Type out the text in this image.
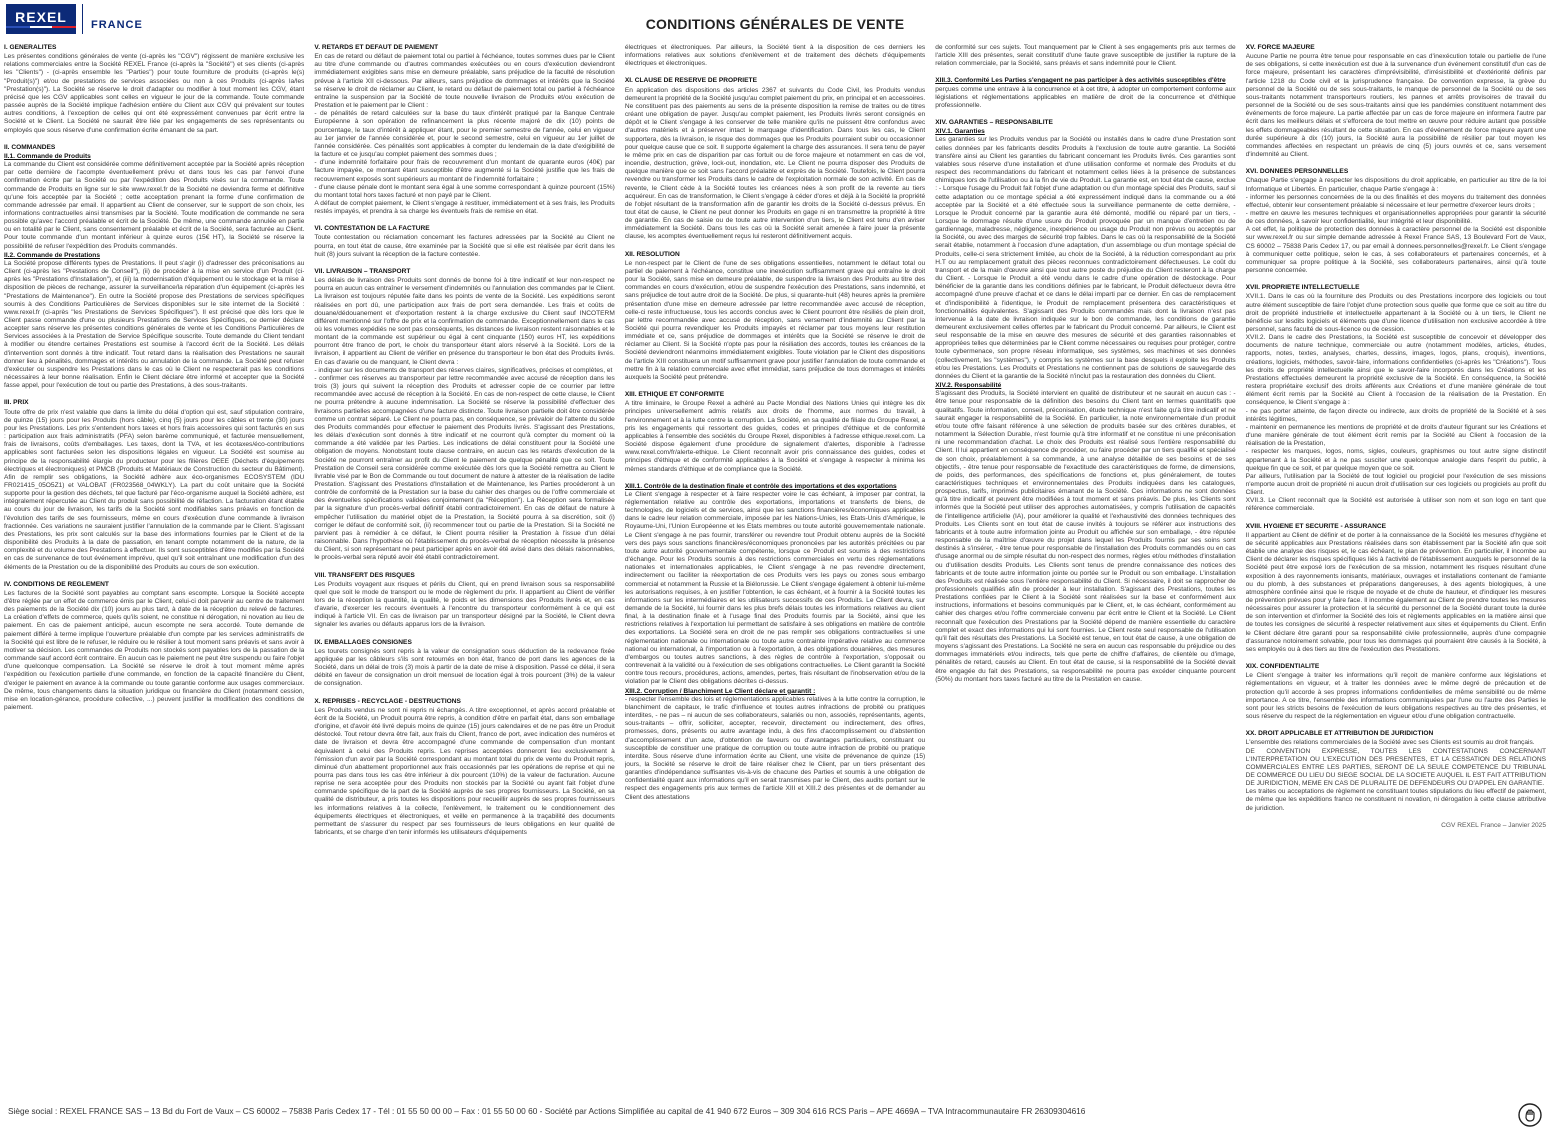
REXEL	FRANCE	CONDITIONS GÉNÉRALES DE VENTE
I. GENERALITES

Les présentes conditions générales de vente (ci-après les "CGV") régissent de manière exclusive les relations commerciales entre la Société REXEL France (ci-après la "Société") et ses clients (ci-après les "Clients") - (ci-après ensemble les "Parties") pour toute fourniture de produits (ci-après le(s) "Produit(s)") et/ou de prestations de services associées ou non à ces Produits (ci-après la/les "Prestation(s)"). La Société se réserve le droit d'adapter ou modifier à tout moment les CGV, étant précisé que les CGV applicables sont celles en vigueur le jour de la commande. Toute commande passée auprès de la Société implique l'adhésion entière du Client aux CGV qui prévalent sur toutes autres conditions, à l'exception de celles qui ont été expressément convenues par écrit entre la Société et le Client. La Société ne saurait être liée par les engagements de ses représentants ou employés que sous réserve d'une confirmation écrite émanant de sa part.

II. COMMANDES
II.1. Commande de Produits

La commande du Client est considérée comme définitivement acceptée par la Société après réception par cette dernière de l'acompte éventuellement prévu et dans tous les cas par l'envoi d'une confirmation écrite par la Société ou par l'expédition des Produits visés sur la commande. Toute commande de Produits en ligne sur le site www.rexel.fr de la Société ne deviendra ferme et définitive qu'une fois acceptée par la Société ; cette acceptation prenant la forme d'une confirmation de commande adressée par email. Il appartient au Client de conserver, sur le support de son choix, les informations contractuelles ainsi transmises par la Société. Toute modification de commande ne sera possible qu'avec l'accord préalable et écrit de la Société. De même, une commande annulée en partie ou en totalité par le Client, sans consentement préalable et écrit de la Société, sera facturée au Client. Pour toute commande d'un montant inférieur à quinze euros (15€ HT), la Société se réserve la possibilité de refuser l'expédition des Produits commandés.

II.2. Commande de Prestations

La Société propose différents types de Prestations. Il peut s'agir (i) d'adresser des préconisations au Client (ci-après les "Prestations de Conseil"), (ii) de procéder à la mise en service d'un Produit (ci-après les "Prestations d'Installation"), et (iii) la modernisation d'équipement ou le stockage et la mise à disposition de pièces de rechange, assurer la surveillance/la réparation d'un équipement (ci-après les "Prestations de Maintenance"). En outre la Société propose des Prestations de services spécifiques soumis à des Conditions Particulières de Services disponibles sur le site internet de la Société : www.rexel.fr (ci-après "les Prestations de Services Spécifiques"). Il est précisé que dès lors que le Client passe commande d'une ou plusieurs Prestations de Services Spécifiques, ce dernier déclare accepter sans réserve les présentes conditions générales de vente et les Conditions Particulières de Services associées à la Prestation de Service Spécifique souscrite. Toute demande du Client tendant à modifier ou étendre certaines Prestations est soumise à l'accord écrit de la Société. Les délais d'intervention sont donnés à titre indicatif. Tout retard dans la réalisation des Prestations ne saurait donner lieu à pénalités, dommages et intérêts ou annulation de la commande. La Société peut refuser d'exécuter ou suspendre les Prestations dans le cas où le Client ne respecterait pas les conditions nécessaires à leur bonne réalisation. Enfin le Client déclare être informé et accepter que la Société fasse appel, pour l'exécution de tout ou partie des Prestations, à des sous-traitants.

III. PRIX

Toute offre de prix n'est valable que dans la limite du délai d'option qui est, sauf stipulation contraire, de quinze (15) jours pour les Produits (hors câble), cinq (5) jours pour les câbles et trente (30) jours pour les Prestations. Les prix s'entendent hors taxes et hors frais accessoires qui sont facturés en sus : participation aux frais administratifs (PFA) selon barème communiqué, et facturée mensuellement, frais de livraisons, coûts d'emballages. Les taxes, dont la TVA, et les écotaxes/éco-contributions applicables sont facturées selon les dispositions légales en vigueur. La Société est soumise au principe de la responsabilité élargie du producteur pour les filières DEEE (Déchets d'équipements électriques et électroniques) et PMCB (Produits et Matériaux de Construction du secteur du Bâtiment). Afin de remplir ses obligations, la Société adhère aux éco-organismes ECOSYSTEM (IDU FR021415_05O5Z1) et VALOBAT (FR023568_04WKLY). La part du coût unitaire que la Société supporte pour la gestion des déchets, tel que facturé par l'éco-organisme auquel la Société adhère, est intégralement répercutée au Client du produit sans possibilité de réfaction. La facturation étant établie au cours du jour de livraison, les tarifs de la Société sont modifiables sans préavis en fonction de l'évolution des tarifs de ses fournisseurs, même en cours d'exécution d'une commande à livraison fractionnée. Ces variations ne sauraient justifier l'annulation de la commande par le Client. S'agissant des Prestations, les prix sont calculés sur la base des informations fournies par le Client et de la disponibilité des Produits à la date de passation, en tenant compte notamment de la nature, de la complexité et du volume des Prestations à effectuer. Ils sont susceptibles d'être modifiés par la Société en cas de survenance de tout événement imprévu, quel qu'il soit entraînant une modification d'un des éléments de la Prestation ou de la disponibilité des Produits au cours de son exécution.

IV. CONDITIONS DE REGLEMENT

Les factures de la Société sont payables au comptant sans escompte. Lorsque la Société accepte d'être réglée par un effet de commerce émis par le Client, celui-ci doit parvenir au centre de traitement des paiements de la Société dix (10) jours au plus tard, à date de la réception du relevé de factures. La création d'effets de commerce, quels qu'ils soient, ne constitue ni dérogation, ni novation au lieu de paiement. En cas de paiement anticipé, aucun escompte ne sera accordé. Toute demande de paiement différé à terme implique l'ouverture préalable d'un compte par les services administratifs de la Société qui est libre de le refuser, le réduire ou le résilier à tout moment sans préavis et sans avoir à motiver sa décision. Les commandes de Produits non stockés sont payables lors de la passation de la commande sauf accord écrit contraire. En aucun cas le paiement ne peut être suspendu ou faire l'objet d'une quelconque compensation. La Société se réserve le droit à tout moment même après l'expédition ou l'exécution partielle d'une commande, en fonction de la capacité financière du Client, d'exiger le paiement en avance à la commande ou toute garantie conforme aux usages commerciaux. De même, tous changements dans la situation juridique ou financière du Client (notamment cession, mise en location-gérance, procédure collective, ...) peuvent justifier la modification des conditions de paiement.

V. RETARDS ET DEFAUT DE PAIEMENT

En cas de retard ou défaut de paiement total ou partiel à l'échéance, toutes sommes dues par le Client au titre d'une commande ou d'autres commandes exécutées ou en cours d'exécution deviendront immédiatement exigibles sans mise en demeure préalable, sans préjudice de la faculté de résolution prévue à l'article XII ci-dessous. Par ailleurs, sans préjudice de dommages et intérêts que la Société se réserve le droit de réclamer au Client, le retard ou défaut de paiement total ou partiel à l'échéance entraîne la suspension par la Société de toute nouvelle livraison de Produits et/ou exécution de Prestation et le paiement par le Client :

- de pénalités de retard calculées sur la base du taux d'intérêt pratiqué par la Banque Centrale Européenne à son opération de refinancement la plus récente majoré de dix (10) points de pourcentage, le taux d'intérêt à appliquer étant, pour le premier semestre de l'année, celui en vigueur au 1er janvier de l'année considérée et, pour le second semestre, celui en vigueur au 1er juillet de l'année considérée. Ces pénalités sont applicables à compter du lendemain de la date d'exigibilité de la facture et ce jusqu'au complet paiement des sommes dues ;

- d'une indemnité forfaitaire pour frais de recouvrement d'un montant de quarante euros (40€) par facture impayée, ce montant étant susceptible d'être augmenté si la Société justifie que les frais de recouvrement exposés sont supérieurs au montant de l'indemnité forfaitaire ;

- d'une clause pénale dont le montant sera égal à une somme correspondant à quinze pourcent (15%) du montant total hors taxes facturé et non payé par le Client.

A défaut de complet paiement, le Client s'engage à restituer, immédiatement et à ses frais, les Produits restés impayés, et prendra à sa charge les éventuels frais de remise en état.

VI. CONTESTATION DE LA FACTURE

Toute contestation ou réclamation concernant les factures adressées par la Société au Client ne pourra, en tout état de cause, être examinée par la Société que si elle est réalisée par écrit dans les huit (8) jours suivant la réception de la facture contestée.

VII. LIVRAISON – TRANSPORT

Les délais de livraison des Produits sont donnés de bonne foi à titre indicatif et leur non-respect ne pourra en aucun cas entraîner le versement d'indemnités ou l'annulation des commandes par le Client. La livraison est toujours réputée faite dans les points de vente de la Société. Les expéditions seront réalisées en port dû, une participation aux frais de port sera demandée. Les frais et coûts de douane/dédouanement et d'exportation restent à la charge exclusive du Client sauf INCOTERM différent mentionné sur l'offre de prix et la confirmation de commande. Exceptionnellement dans le cas où les volumes expédiés ne sont pas conséquents, les distances de livraison restent raisonnables et le montant de la commande est supérieur ou égal à cent cinquante (150) euros HT, les expéditions pourront être franco de port, le choix du transporteur étant alors réservé à la Société. Lors de la livraison, il appartient au Client de vérifier en présence du transporteur le bon état des Produits livrés. En cas d'avarie ou de manquant, le Client devra :

- indiquer sur les documents de transport des réserves claires, significatives, précises et complètes, et

- confirmer ces réserves au transporteur par lettre recommandée avec accusé de réception dans les trois (3) jours qui suivent la réception des Produits et adresser copie de ce courrier par lettre recommandée avec accusé de réception à la Société. En cas de non-respect de cette clause, le Client ne pourra prétendre à aucune indemnisation. La Société se réserve la possibilité d'effectuer des livraisons partielles accompagnées d'une facture distincte. Toute livraison partielle doit être considérée comme un contrat séparé. Le Client ne pourra pas, en conséquence, se prévaloir de l'attente du solde des Produits commandés pour effectuer le paiement des Produits livrés. S'agissant des Prestations, les délais d'exécution sont donnés à titre indicatif et ne courront qu'à compter du moment où la commande a été validée par les Parties. Les indications de délai constituent pour la Société une obligation de moyens. Nonobstant toute clause contraire, en aucun cas les retards d'exécution de la Société ne pourront entraîner au profit du Client le paiement de quelque pénalité que ce soit. Toute Prestation de Conseil sera considérée comme exécutée dès lors que la Société remettra au Client le livrable visé par le Bon de Commande ou tout document de nature à attester de la réalisation de ladite Prestation. S'agissant des Prestations d'Installation et de Maintenance, les Parties procéderont à un contrôle de conformité de la Prestation sur la base du cahier des charges ou de l'offre commerciale et des éventuelles spécifications validées conjointement (la "Réception"). La Réception sera formalisée par la signature d'un procès-verbal définitif établi contradictoirement. En cas de défaut de nature à empêcher l'utilisation du matériel objet de la Prestation, la Société pourra à sa discrétion, soit (i) corriger le défaut de conformité soit, (ii) recommencer tout ou partie de la Prestation. Si la Société ne parvient pas à remédier à ce défaut, le Client pourra résilier la Prestation à l'issue d'un délai raisonnable. Dans l'hypothèse où l'établissement du procès-verbal de réception nécessite la présence du Client, si son représentant ne peut participer après en avoir été avisé dans des délais raisonnables, le procès-verbal sera réputé avoir été établi contradictoirement.

VIII. TRANSFERT DES RISQUES

Les Produits voyagent aux risques et périls du Client, qui en prend livraison sous sa responsabilité quel que soit le mode de transport ou le mode de règlement du prix. Il appartient au Client de vérifier lors de la réception la quantité, la qualité, le poids et les dimensions des Produits livrés et, en cas d'avarie, d'exercer les recours éventuels à l'encontre du transporteur conformément à ce qui est indiqué à l'article VII. En cas de livraison par un transporteur désigné par la Société, le Client devra signaler les avaries ou défauts apparus lors de la livraison.

IX. EMBALLAGES CONSIGNES

Les tourets consignés sont repris à la valeur de consignation sous déduction de la redevance fixée appliquée par les câbleurs s'ils sont retournés en bon état, franco de port dans les agences de la Société, dans un délai de trois (3) mois à partir de la date de mise à disposition. Passé ce délai, il sera débité en faveur de consignation un droit mensuel de location égal à trois pourcent (3%) de la valeur de consignation.

X. REPRISES - RECYCLAGE - DESTRUCTIONS

Les Produits vendus ne sont ni repris ni échangés. A titre exceptionnel, et après accord préalable et écrit de la Société, un Produit pourra être repris, à condition d'être en parfait état, dans son emballage d'origine, et d'avoir été livré depuis moins de quinze (15) jours calendaires et de ne pas être un Produit déstocké. Tout retour devra être fait, aux frais du Client, franco de port, avec indication des numéros et date de livraison et devra être accompagné d'une commande de compensation d'un montant équivalent à celui des Produits repris. Les reprises acceptées donneront lieu exclusivement à l'émission d'un avoir par la Société correspondant au montant total du prix de vente du Produit repris, diminué d'un abattement proportionnel aux frais occasionnés par les opérations de reprise et qui ne pourra pas dans tous les cas être inférieur à dix pourcent (10%) de la valeur de facturation. Aucune reprise ne sera acceptée pour des Produits non stockés par la Société ou ayant fait l'objet d'une commande spécifique de la part de la Société auprès de ses propres fournisseurs. La Société, en sa qualité de distributeur, a pris toutes les dispositions pour recueillir auprès de ses propres fournisseurs les informations relatives à la collecte, l'enlèvement, le traitement ou le conditionnement des équipements électriques et électroniques, et veille en permanence à la traçabilité des documents permettant de s'assurer du respect par ses fournisseurs de leurs obligations en leur qualité de fabricants, et se charge d'en tenir informés les utilisateurs d'équipements

électriques et électroniques. Par ailleurs, la Société tient à la disposition de ces derniers les informations relatives aux solutions d'enlèvement et de traitement des déchets d'équipements électriques et électroniques.

XI. CLAUSE DE RESERVE DE PROPRIETE

En application des dispositions des articles 2367 et suivants du Code Civil, les Produits vendus demeurent la propriété de la Société jusqu'au complet paiement du prix, en principal et en accessoires. Ne constituent pas des paiements au sens de la présente disposition la remise de traites ou de titres créant une obligation de payer. Jusqu'au complet paiement, les Produits livrés seront consignés en dépôt et le Client s'engage à les conserver de telle manière qu'ils ne puissent être confondus avec d'autres matériels et à préserver intact le marquage d'identification. Dans tous les cas, le Client supportera, dès la livraison, le risque des dommages que les Produits pourraient subir ou occasionner pour quelque cause que ce soit. Il supporte également la charge des assurances. Il sera tenu de payer le même prix en cas de disparition par cas fortuit ou de force majeure et notamment en cas de vol, incendie, destruction, grève, lock-out, inondation, etc. Le Client ne pourra disposer des Produits de quelque manière que ce soit sans l'accord préalable et exprès de la Société. Toutefois, le Client pourra revendre ou transformer les Produits dans le cadre de l'exploitation normale de son activité. En cas de revente, le Client cède à la Société toutes les créances nées à son profit de la revente au tiers acquéreur. En cas de transformation, le Client s'engage à céder d'ores et déjà à la Société la propriété de l'objet résultant de la transformation afin de garantir les droits de la Société ci-dessus prévus. En tout état de cause, le Client ne peut donner les Produits en gage ni en transmettre la propriété à titre de garantie. En cas de saisie ou de toute autre intervention d'un tiers, le Client est tenu d'en aviser immédiatement la Société. Dans tous les cas où la Société serait amenée à faire jouer la présente clause, les acomptes éventuellement reçus lui resteront définitivement acquis.

XII. RESOLUTION

Le non-respect par le Client de l'une de ses obligations essentielles, notamment le défaut total ou partiel de paiement à l'échéance, constitue une inexécution suffisamment grave qui entraîne le droit pour la Société, sans mise en demeure préalable, de suspendre la livraison des Produits au titre des commandes en cours d'exécution, et/ou de suspendre l'exécution des Prestations, sans indemnité, et sans préjudice de tout autre droit de la Société. De plus, si quarante-huit (48) heures après la première présentation d'une mise en demeure adressée par lettre recommandée avec accusé de réception, celle-ci reste infructueuse, tous les accords conclus avec le Client pourront être résiliés de plein droit, par lettre recommandée avec accusé de réception, sans versement d'indemnité au Client par la Société qui pourra revendiquer les Produits impayés et réclamer par tous moyens leur restitution immédiate et ce, sans préjudice de dommages et intérêts que la Société se réserve le droit de réclamer au Client. Si la Société n'opte pas pour la résiliation des accords, toutes les créances de la Société deviendront néanmoins immédiatement exigibles. Toute violation par le Client des dispositions de l'article XIII constituera un motif suffisamment grave pour justifier l'annulation de toute commande et mettre fin à la relation commerciale avec effet immédiat, sans préjudice de tous dommages et intérêts auxquels la Société peut prétendre.

XIII. ETHIQUE ET CONFORMITE

A titre liminaire, le Groupe Rexel a adhéré au Pacte Mondial des Nations Unies qui intègre les dix principes universellement admis relatifs aux droits de l'homme, aux normes du travail, à l'environnement et à la lutte contre la corruption. La Société, en sa qualité de filiale du Groupe Rexel, a pris les engagements qui ressortent des guides, codes et principes d'éthique et de conformité applicables à l'ensemble des sociétés du Groupe Rexel, disponibles à l'adresse ethique.rexel.com. La Société dispose également d'une procédure de signalement d'alertes, disponible à l'adresse www.rexel.com/fr/alerte-ethique. Le Client reconnaît avoir pris connaissance des guides, codes et principes d'éthique et de conformité applicables à la Société et s'engage à respecter à minima les mêmes standards d'éthique et de compliance que la Société.

XIII.1. Contrôle de la destination finale et contrôle des importations et des exportations

Le Client s'engage à respecter et à faire respecter voire le cas échéant, à imposer par contrat, la réglementation relative au contrôle des exportations, importations et transferts de biens, de technologies, de logiciels et de services, ainsi que les sanctions financières/économiques applicables dans le cadre leur relation commerciale, imposée par les Nations-Unies, les Etats-Unis d'Amérique, le Royaume-Uni, l'Union Européenne et les Etats membres ou toute autorité gouvernementale nationale. Le Client s'engage à ne pas fournir, transférer ou revendre tout Produit obtenu auprès de la Société vers des pays sous sanctions financières/économiques prononcées par les autorités précitées ou par toute autre autorité gouvernementale compétente, lorsque ce Produit est soumis à des restrictions d'échange. Pour les Produits soumis à des restrictions commerciales en vertu des réglementations nationales et internationales applicables, le Client s'engage à ne pas revendre directement, indirectement ou faciliter la réexportation de ces Produits vers les pays ou zones sous embargo commercial et notamment la Russie et la Biélorussie. Le Client s'engage également à obtenir lui-même les autorisations requises, à en justifier l'obtention, le cas échéant, et à fournir à la Société toutes les informations sur les intermédiaires et les utilisateurs successifs de ces Produits. Le Client devra, sur demande de la Société, lui fournir dans les plus brefs délais toutes les informations relatives au client final, à la destination finale et à l'usage final des Produits fournis par la Société, ainsi que les restrictions relatives à l'exportation lui permettant de satisfaire à ses obligations en matière de contrôle des exportations. La Société sera en droit de ne pas remplir ses obligations contractuelles si une réglementation nationale ou internationale ou toute autre contrainte impérative relative au commerce national ou international, à l'importation ou à l'exportation, à des obligations douanières, des mesures d'embargos ou toutes autres sanctions, à des règles de contrôle à l'exportation, s'opposait ou contrevenait à la validité ou à l'exécution de ses obligations contractuelles. Le Client garantit la Société contre tous recours, procédures, actions, amendes, pertes, frais résultant de l'inobservation et/ou de la violation par le Client des obligations décrites ci-dessus.

XIII.2. Corruption / Blanchiment Le Client déclare et garantit :

- respecter l'ensemble des lois et réglementations applicables relatives à la lutte contre la corruption, le blanchiment de capitaux, le trafic d'influence et toutes autres infractions de probité ou pratiques interdites, - ne pas – ni aucun de ses collaborateurs, salariés ou non, associés, représentants, agents, sous-traitants – offrir, solliciter, accepter, recevoir, directement ou indirectement, des offres, promesses, dons, présents ou autre avantage indu, à des fins d'accomplissement ou d'abstention d'accomplissement d'un acte, d'obtention de faveurs ou d'avantages particuliers, constituant ou susceptible de constituer une pratique de corruption ou toute autre infraction de probité ou pratique interdite. Sous réserve d'une information écrite au Client, une visite de prévenance de quinze (15) jours, la Société se réserve le droit de faire réaliser chez le Client, par un tiers présentant des garanties d'indépendance suffisantes vis-à-vis de chacune des Parties et soumis à une obligation de confidentialité quant aux informations qu'il en serait transmises par le Client, des audits portant sur le respect des engagements pris aux termes de l'article XIII et XIII.2 des présentes et de demander au Client des attestations

de conformité sur ces sujets. Tout manquement par le Client à ses engagements pris aux termes de l'article XIII des présentes, serait constitutif d'une faute grave susceptible de justifier la rupture de la relation commerciale, par la Société, sans préavis et sans indemnité pour le Client.

XIII.3. Conformité Les Parties s'engagent ne pas participer à des activités susceptibles d'être

perçues comme une entrave à la concurrence et à cet titre, à adopter un comportement conforme aux législations et réglementations applicables en matière de droit de la concurrence et d'éthique professionnelle.

XIV. GARANTIES – RESPONSABILITE
XIV.1. Garanties

Les garanties sur les Produits vendus par la Société ou installés dans le cadre d'une Prestation sont celles données par les fabricants desdits Produits à l'exclusion de toute autre garantie. La Société transfère ainsi au Client les garanties du fabricant concernant les Produits livrés. Ces garanties sont valables sous réserve d'une installation et d'une utilisation conforme et normale des Produits et du respect des recommandations du fabricant et notamment celles liées à la présence de substances chimiques lors de l'utilisation ou à la fin de vie du Produit. La garantie est, en tout état de cause, exclue : - Lorsque l'usage du Produit fait l'objet d'une adaptation ou d'un montage spécial des Produits, sauf si cette adaptation ou ce montage spécial a été expressément indiqué dans la commande ou a été acceptée par la Société et a été effectuée sous la surveillance permanente de cette dernière, - Lorsque le Produit concerné par la garantie aura été démonté, modifié ou réparé par un tiers, - Lorsque le dommage résulte d'une usure du Produit provoquée par un manque d'entretien ou de gardiennage, maladresse, négligence, inexpérience ou usage du Produit non prévus ou acceptés par la Société, ou avec des marges de sécurité trop faibles. Dans le cas où la responsabilité de la Société serait établie, notamment à l'occasion d'une adaptation, d'un assemblage ou d'un montage spécial de Produits, celle-ci sera strictement limitée, au choix de la Société, à la réduction correspondant au prix H.T ou au remplacement gratuit des pièces reconnues contradictoirement défectueuses. Le coût du transport et de la main d'œuvre ainsi que tout autre poste du préjudice du Client resteront à la charge du Client. - Lorsque le Produit a été vendu dans le cadre d'une opération de déstockage. Pour bénéficier de la garantie dans les conditions définies par le fabricant, le Produit défectueux devra être accompagné d'une preuve d'achat et ce dans le délai imparti par ce dernier. En cas de remplacement et d'indisponibilité à l'identique, le Produit de remplacement présentera des caractéristiques et fonctionnalités équivalentes. S'agissant des Produits commandés mais dont la livraison n'est pas intervenue à la date de livraison indiquée sur le bon de commande, les conditions de garantie demeurent exclusivement celles offertes par le fabricant du Produit concerné. Par ailleurs, le Client est seul responsable de la mise en œuvre des mesures de sécurité et des garanties raisonnables et appropriées telles que déterminées par le Client comme nécessaires ou requises pour protéger, contre toute cybermenace, son propre réseau informatique, ses systèmes, ses machines et ses données (collectivement, les "systèmes"), y compris les systèmes sur la base desquels il exploite les Produits et/ou les Prestations. Les Produits et Prestations ne contiennent pas de solutions de sauvegarde des données du Client et la garantie de la Société n'inclut pas la restauration des données du Client.

XIV.2. Responsabilité

S'agissant des Produits, la Société intervient en qualité de distributeur et ne saurait en aucun cas : - être tenue pour responsable de la définition des besoins du Client tant en termes quantitatifs que qualitatifs. Toute information, conseil, préconisation, étude technique n'est faite qu'à titre indicatif et ne saurait engager la responsabilité de la Société. En particulier, la note environnementale d'un produit et/ou toute offre faisant référence à une sélection de produits basée sur des critères durables, et notamment la Sélection Durable, n'est fournie qu'à titre informatif et ne constitue ni une préconisation ni une recommandation d'achat. Le choix des Produits est réalisé sous l'entière responsabilité du Client. Il lui appartient en conséquence de procéder, ou faire procéder par un tiers qualifié et spécialisé de son choix, préalablement à sa commande, à une analyse détaillée de ses besoins et de ses objectifs, - être tenue pour responsable de l'exactitude des caractéristiques de forme, de dimensions, de poids, des performances, des spécifications de fonctions et, plus généralement, de toutes caractéristiques techniques et environnementales des Produits indiquées dans les catalogues, prospectus, tarifs, imprimés publicitaires émanant de la Société. Ces informations ne sont données qu'à titre indicatif et peuvent être modifiées à tout moment et sans préavis. De plus, les Clients sont informés que la Société peut utiliser des approches automatisées, y compris l'utilisation de capacités de l'intelligence artificielle (IA), pour améliorer la qualité et l'exhaustivité des données techniques des Produits. Les Clients sont en tout état de cause invités à toujours se référer aux instructions des fabricants et à toute autre information jointe au Produit ou affichée sur son emballage, - être réputée responsable de la maîtrise d'œuvre du projet dans lequel les Produits fournis par ses soins sont destinés à s'insérer, - être tenue pour responsable de l'installation des Produits commandés ou en cas d'usage anormal ou de simple résultat du non-respect des normes, règles et/ou méthodes d'installation ou d'utilisation desdits Produits. Les Clients sont tenus de prendre connaissance des notices des fabricants et de toute autre information jointe ou portée sur le Produit ou son emballage. L'installation des Produits est réalisée sous l'entière responsabilité du Client. Si nécessaire, il doit se rapprocher de professionnels qualifiés afin de procéder à leur installation. S'agissant des Prestations, toutes les Prestations confiées par le Client à la Société sont réalisées sur la base et conformément aux instructions, informations et besoins communiqués par le Client, et, le cas échéant, conformément au cahier des charges et/ou l'offre commerciale convenu par écrit entre le Client et la Société. Le Client reconnaît que l'exécution des Prestations par la Société dépend de manière essentielle du caractère complet et exact des informations qui lui sont fournies. Le Client reste seul responsable de l'utilisation qu'il fait des résultats des Prestations. La Société est tenue, en tout état de cause, à une obligation de moyens s'agissant des Prestations. La Société ne sera en aucun cas responsable du préjudice ou des dommages immatériels et/ou indirects, tels que perte de chiffre d'affaires, de clientèle ou d'image, pénalités de retard, causés au Client. En tout état de cause, si la responsabilité de la Société devait être engagée du fait des Prestations, sa responsabilité ne pourra pas excéder cinquante pourcent (50%) du montant hors taxes facturé au titre de la Prestation en cause.

XV. FORCE MAJEURE

Aucune Partie ne pourra être tenue pour responsable en cas d'inexécution totale ou partielle de l'une de ses obligations, si cette inexécution est due à la survenance d'un événement constitutif d'un cas de force majeure, présentant les caractères d'imprévisibilité, d'irrésistibilité et d'extériorité définis par l'article 1218 du Code civil et la jurisprudence française. De convention expresse, la grève du personnel de la Société ou de ses sous-traitants, le manque de personnel de la Société ou de ses sous-traitants notamment transporteurs routiers, les pannes et arrêts provisoires de travail du personnel de la Société ou de ses sous-traitants ainsi que les pandémies constituent notamment des événements de force majeure. La partie affectée par un cas de force majeure en informera l'autre par écrit dans les meilleurs délais et s'efforcera de tout mettre en œuvre pour réduire autant que possible les effets dommageables résultant de cette situation. En cas d'événement de force majeure ayant une durée supérieure à dix (10) jours, la Société aura la possibilité de résilier par tout moyen les commandes affectées en respectant un préavis de cinq (5) jours ouvrés et ce, sans versement d'indemnité au Client.

XVI. DONNEES PERSONNELLES

Chaque Partie s'engage à respecter les dispositions du droit applicable, en particulier au titre de la loi Informatique et Libertés. En particulier, chaque Partie s'engage à :

- informer les personnes concernées de la ou des finalités et des moyens du traitement des données effectué, obtenir leur consentement préalable si nécessaire et leur permettre d'exercer leurs droits ;

- mettre en œuvre les mesures techniques et organisationnelles appropriées pour garantir la sécurité de ces données, à savoir leur confidentialité, leur intégrité et leur disponibilité.

A cet effet, la politique de protection des données à caractère personnel de la Société est disponible sur www.rexel.fr ou sur simple demande adressée à Rexel France SAS, 13 Boulevard Fort de Vaux, CS 60002 – 75838 Paris Cedex 17, ou par email à donnees.personnelles@rexel.fr. Le Client s'engage à communiquer cette politique, selon le cas, à ses collaborateurs et partenaires concernés, et à communiquer sa propre politique à la Société, ses collaborateurs partenaires, ainsi qu'à toute personne concernée.

XVII. PROPRIETE INTELLECTUELLE

XVII.1. Dans le cas où la fourniture des Produits ou des Prestations incorpore des logiciels ou tout autre élément susceptible de faire l'objet d'une protection sous quelle que forme que ce soit au titre du droit de propriété industrielle et intellectuelle appartenant à la Société ou à un tiers, le Client ne bénéficie sur lesdits logiciels et éléments que d'une licence d'utilisation non exclusive accordée à titre personnel, sans faculté de sous-licence ou de cession.

XVII.2. Dans le cadre des Prestations, la Société est susceptible de concevoir et développer des documents de nature technique, commerciale ou autre (notamment modèles, articles, études, rapports, notes, textes, analyses, chartes, dessins, images, logos, plans, croquis), inventions, créations, logiciels, méthodes, savoir-faire, informations confidentielles (ci-après les "Créations"). Tous les droits de propriété intellectuelle ainsi que le savoir-faire incorporés dans les Créations et les Prestations effectuées demeurent la propriété exclusive de la Société. En conséquence, la Société restera propriétaire exclusif des droits afférents aux Créations et d'une manière générale de tout élément écrit remis par la Société au Client à l'occasion de la réalisation de la Prestation. En conséquence, le Client s'engage à :

- ne pas porter atteinte, de façon directe ou indirecte, aux droits de propriété de la Société et à ses intérêts légitimes,

- maintenir en permanence les mentions de propriété et de droits d'auteur figurant sur les Créations et d'une manière générale de tout élément écrit remis par la Société au Client à l'occasion de la réalisation de la Prestation,

- respecter les marques, logos, noms, sigles, couleurs, graphismes ou tout autre signe distinctif appartenant à la Société et à ne pas susciter une quelconque analogie dans l'esprit du public, à quelque fin que ce soit, et par quelque moyen que ce soit.

Par ailleurs, l'utilisation par la Société de tout logiciel ou progiciel pour l'exécution de ses missions n'emporte aucun droit de propriété ni aucun droit d'utilisation sur ces logiciels ou progiciels au profit du Client.

XVII.3. Le Client reconnaît que la Société est autorisée à utiliser son nom et son logo en tant que référence commerciale.

XVIII. HYGIENE ET SECURITE - ASSURANCE

Il appartient au Client de définir et de porter à la connaissance de la Société les mesures d'hygiène et de sécurité applicables aux Prestations réalisées dans son établissement par la Société afin que soit établie une analyse des risques et, le cas échéant, le plan de prévention. En particulier, il incombe au Client de déclarer les risques spécifiques liés à l'activité de l'établissement auxquels le personnel de la Société peut être exposé lors de l'exécution de sa mission, notamment les risques résultant d'une exposition à des rayonnements ionisants, matériaux, ouvrages et installations contenant de l'amiante ou du plomb, à des substances et préparations dangereuses, à des agents biologiques, à une atmosphère confinée ainsi que le risque de noyade et de chute de hauteur, et d'indiquer les mesures de prévention prévues pour y faire face. Il incombe également au Client de prendre toutes les mesures nécessaires pour assurer la protection et la sécurité du personnel de la Société durant toute la durée de son intervention et d'informer la Société des lois et règlements applicables en la matière ainsi que de toutes les consignes de sécurité à respecter relativement aux sites et équipements du Client. Enfin le Client déclare être garanti pour sa responsabilité civile professionnelle, auprès d'une compagnie d'assurance notoirement solvable, pour tous les dommages qui pourraient être causés à la Société, à ses employés ou à des tiers au titre de l'exécution des Prestations.

XIX. CONFIDENTIALITE

Le Client s'engage à traiter les informations qu'il reçoit de manière conforme aux législations et réglementations en vigueur, et à traiter les données avec le même degré de précaution et de protection qu'il accorde à ses propres informations confidentielles de même sensibilité ou de même importance. A ce titre, l'ensemble des informations communiquées par l'une ou l'autre des Parties le sont pour les stricts besoins de l'exécution de leurs obligations respectives au titre des présentes, et sous réserve du respect de la réglementation en vigueur et/ou d'une obligation contractuelle.

XX. DROIT APPLICABLE ET ATTRIBUTION DE JURIDICTION

L'ensemble des relations commerciales de la Société avec ses Clients est soumis au droit français.

DE CONVENTION EXPRESSE, TOUTES LES CONTESTATIONS CONCERNANT L'INTERPRETATION OU L'EXECUTION DES PRESENTES, ET LA CESSATION DES RELATIONS COMMERCIALES ENTRE LES PARTIES, SERONT DE LA SEULE COMPETENCE DU TRIBUNAL DE COMMERCE DU LIEU DU SIEGE SOCIAL DE LA SOCIETE AUQUEL IL EST FAIT ATTRIBUTION DE JURIDICTION, MEME EN CAS DE PLURALITE DE DEFENDEURS OU D'APPEL EN GARANTIE.

Les traites ou acceptations de règlement ne constituant toutes stipulations du lieu effectif de paiement, de même que les expéditions franco ne constituent ni novation, ni dérogation à cette clause attributive de juridiction.

CGV REXEL France – Janvier 2025
Siège social : REXEL FRANCE SAS – 13 Bd du Fort de Vaux – CS 60002 – 75838 Paris Cedex 17 - Tél : 01 55 50 00 00 – Fax : 01 55 50 00 60 - Société par Actions Simplifiée au capital de 41 940 672 Euros – 309 304 616 RCS Paris – APE 4669A – TVA Intracommunautaire FR 26309304616
